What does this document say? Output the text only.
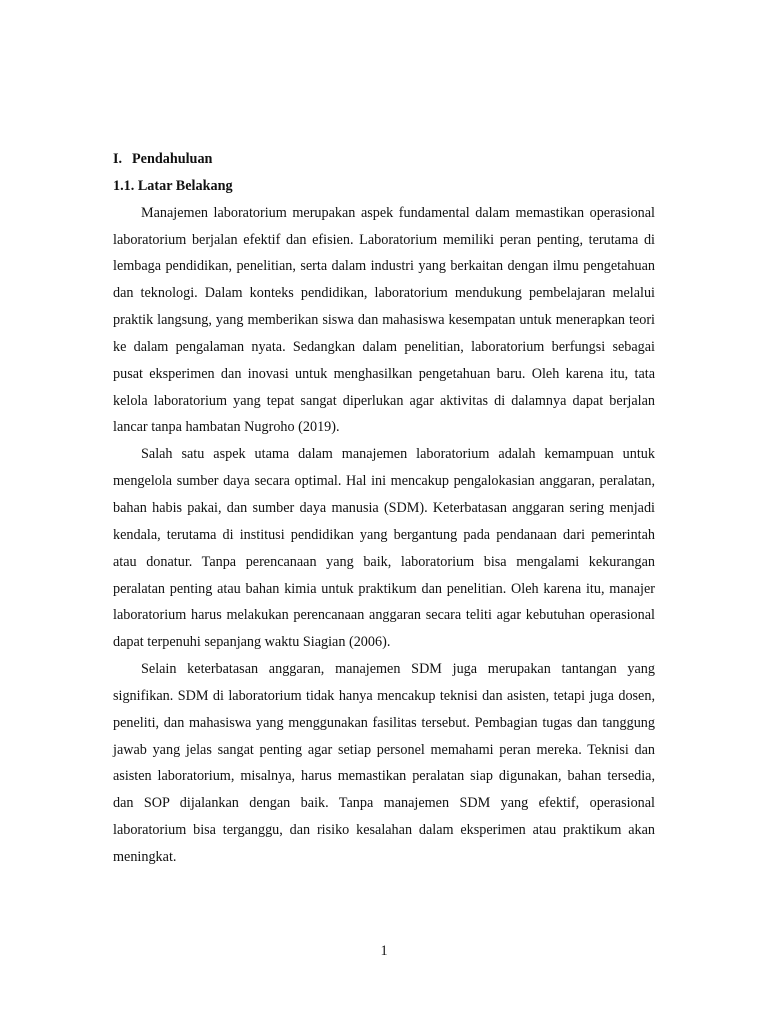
I. Pendahuluan

1.1. Latar Belakang

Manajemen laboratorium merupakan aspek fundamental dalam memastikan operasional laboratorium berjalan efektif dan efisien. Laboratorium memiliki peran penting, terutama di lembaga pendidikan, penelitian, serta dalam industri yang berkaitan dengan ilmu pengetahuan dan teknologi. Dalam konteks pendidikan, laboratorium mendukung pembelajaran melalui praktik langsung, yang memberikan siswa dan mahasiswa kesempatan untuk menerapkan teori ke dalam pengalaman nyata. Sedangkan dalam penelitian, laboratorium berfungsi sebagai pusat eksperimen dan inovasi untuk menghasilkan pengetahuan baru. Oleh karena itu, tata kelola laboratorium yang tepat sangat diperlukan agar aktivitas di dalamnya dapat berjalan lancar tanpa hambatan Nugroho (2019).

Salah satu aspek utama dalam manajemen laboratorium adalah kemampuan untuk mengelola sumber daya secara optimal. Hal ini mencakup pengalokasian anggaran, peralatan, bahan habis pakai, dan sumber daya manusia (SDM). Keterbatasan anggaran sering menjadi kendala, terutama di institusi pendidikan yang bergantung pada pendanaan dari pemerintah atau donatur. Tanpa perencanaan yang baik, laboratorium bisa mengalami kekurangan peralatan penting atau bahan kimia untuk praktikum dan penelitian. Oleh karena itu, manajer laboratorium harus melakukan perencanaan anggaran secara teliti agar kebutuhan operasional dapat terpenuhi sepanjang waktu Siagian (2006).

Selain keterbatasan anggaran, manajemen SDM juga merupakan tantangan yang signifikan. SDM di laboratorium tidak hanya mencakup teknisi dan asisten, tetapi juga dosen, peneliti, dan mahasiswa yang menggunakan fasilitas tersebut. Pembagian tugas dan tanggung jawab yang jelas sangat penting agar setiap personel memahami peran mereka. Teknisi dan asisten laboratorium, misalnya, harus memastikan peralatan siap digunakan, bahan tersedia, dan SOP dijalankan dengan baik. Tanpa manajemen SDM yang efektif, operasional laboratorium bisa terganggu, dan risiko kesalahan dalam eksperimen atau praktikum akan meningkat.

1
